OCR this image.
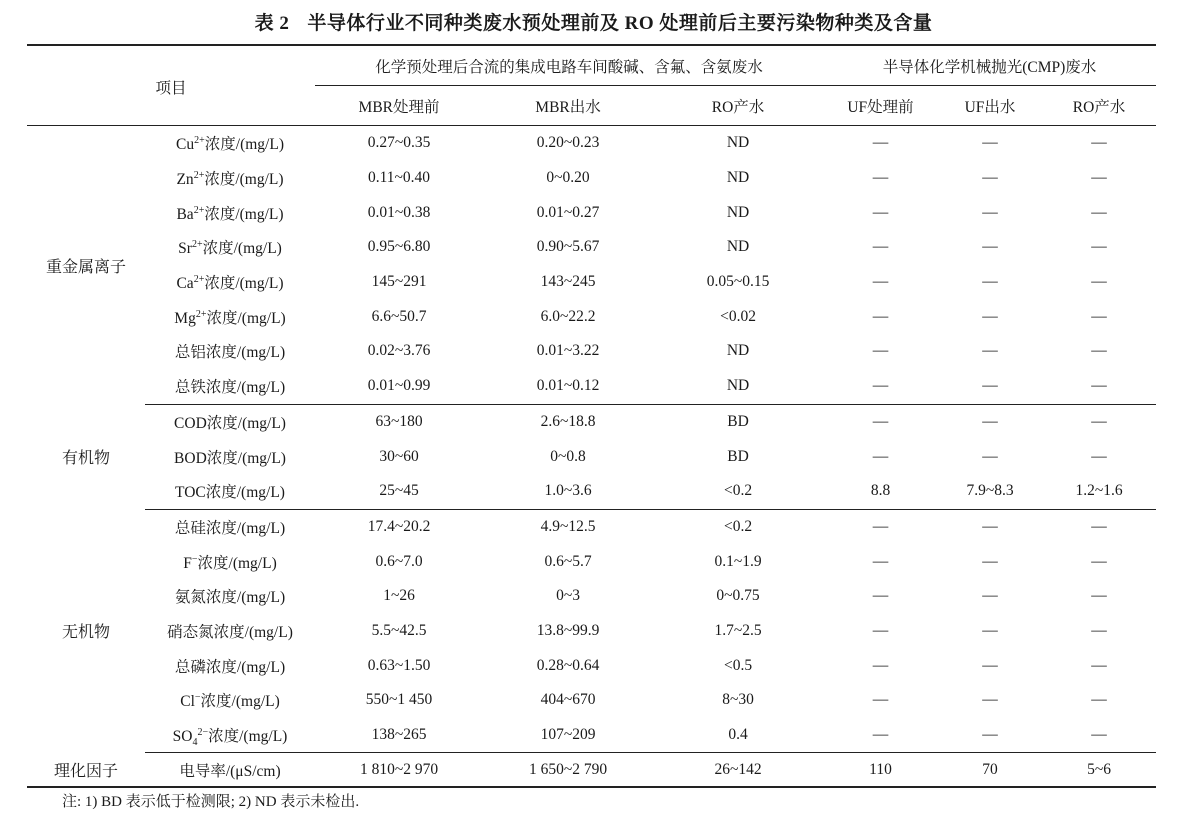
表 2 半导体行业不同种类废水预处理前及 RO 处理前后主要污染物种类及含量
项目		化学预处理后合流的集成电路车间酸碱、含氟、含氨废水			半导体化学机械抛光(CMP)废水		
		MBR处理前	MBR出水	RO产水	UF处理前	UF出水	RO产水
重金属离子	$Cu^{2+}$浓度/(mg/L)	0.27~0.35	0.20~0.23	ND	—	—	—
	$Zn^{2+}$浓度/(mg/L)	0.11~0.40	0~0.20	ND	—	—	—
	$Ba^{2+}$浓度/(mg/L)	0.01~0.38	0.01~0.27	ND	—	—	—
	$Sr^{2+}$浓度/(mg/L)	0.95~6.80	0.90~5.67	ND	—	—	—
	$Ca^{2+}$浓度/(mg/L)	145~291	143~245	0.05~0.15	—	—	—
	$Mg^{2+}$浓度/(mg/L)	6.6~50.7	6.0~22.2	<0.02	—	—	—
	总铝浓度/(mg/L)	0.02~3.76	0.01~3.22	ND	—	—	—
	总铁浓度/(mg/L)	0.01~0.99	0.01~0.12	ND	—	—	—
有机物	COD浓度/(mg/L)	63~180	2.6~18.8	BD	—	—	—
	BOD浓度/(mg/L)	30~60	0~0.8	BD	—	—	—
	TOC浓度/(mg/L)	25~45	1.0~3.6	<0.2	8.8	7.9~8.3	1.2~1.6
无机物	总硅浓度/(mg/L)	17.4~20.2	4.9~12.5	<0.2	—	—	—
	F−浓度/(mg/L)	0.6~7.0	0.6~5.7	0.1~1.9	—	—	—
	氨氮浓度/(mg/L)	1~26	0~3	0~0.75	—	—	—
	硝态氮浓度/(mg/L)	5.5~42.5	13.8~99.9	1.7~2.5	—	—	—
	总磷浓度/(mg/L)	0.63~1.50	0.28~0.64	<0.5	—	—	—
	Cl−浓度/(mg/L)	550~1 450	404~670	8~30	—	—	—
	$SO_4^{2-}$浓度/(mg/L)	138~265	107~209	0.4	—	—	—
理化因子	电导率/(μS/cm)	1 810~2 970	1 650~2 790	26~142	110	70	5~6
注: 1) BD 表示低于检测限; 2) ND 表示未检出.
